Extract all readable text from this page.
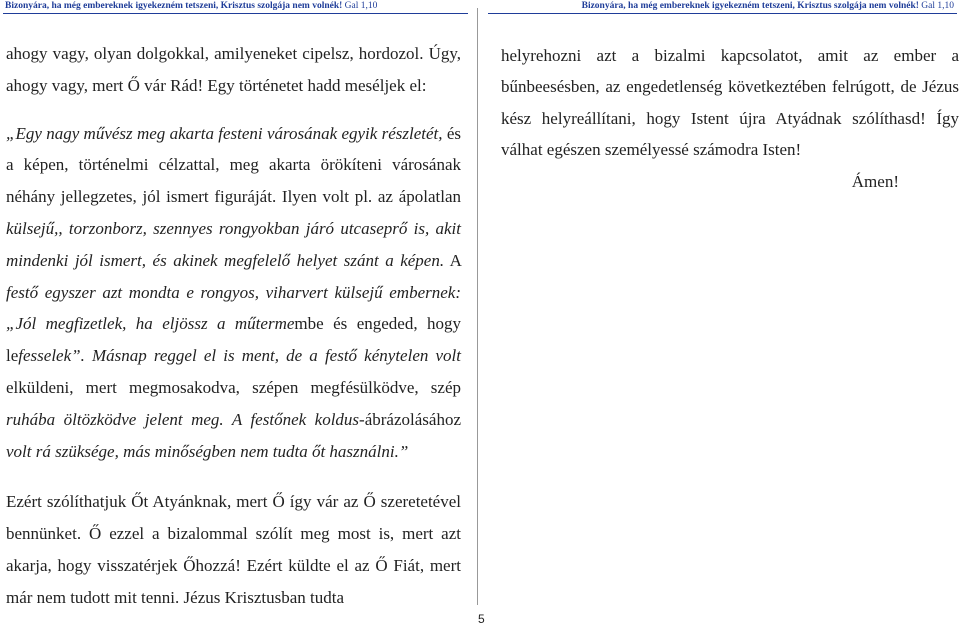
Bizonyára, ha még embereknek igyekezném tetszeni, Krisztus szolgája nem volnék! Gal 1,10	Bizonyára, ha még embereknek igyekezném tetszeni, Krisztus szolgája nem volnék! Gal 1,10

ahogy vagy, olyan dolgokkal, amilyeneket cipelsz, hordozol. Úgy, ahogy vagy, mert Ő vár Rád! Egy történetet hadd meséljek el:

„Egy nagy művész meg akarta festeni városának egyik részletét, és a képen, történelmi célzattal, meg akarta örökíteni városának néhány jellegzetes, jól ismert figuráját. Ilyen volt pl. az ápolatlan külsejű,, torzonborz, szennyes rongyokban járó utcaseprő is, akit mindenki jól ismert, és akinek megfelelő helyet szánt a képen. A festő egyszer azt mondta e rongyos, viharvert külsejű embernek: „Jól megfizetlek, ha eljössz a műtermembe és engeded, hogy lefesselek”. Másnap reggel el is ment, de a festő kénytelen volt elküldeni, mert megmosakodva, szépen megfésülködve, szép ruhába öltözködve jelent meg. A festőnek koldus-ábrázolásához volt rá szüksége, más minőségben nem tudta őt használni.”

Ezért szólíthatjuk Őt Atyánknak, mert Ő így vár az Ő szeretetével bennünket. Ő ezzel a bizalommal szólít meg most is, mert azt akarja, hogy visszatérjek Őhozzá! Ezért küldte el az Ő Fiát, mert már nem tudott mit tenni. Jézus Krisztusban tudta

helyrehozni azt a bizalmi kapcsolatot, amit az ember a bűnbeesésben, az engedetlenség következtében felrúgott, de Jézus kész helyreállítani, hogy Istent újra Atyádnak szólíthasd! Így válhat egészen személyessé számodra Isten!

Ámen!

5
